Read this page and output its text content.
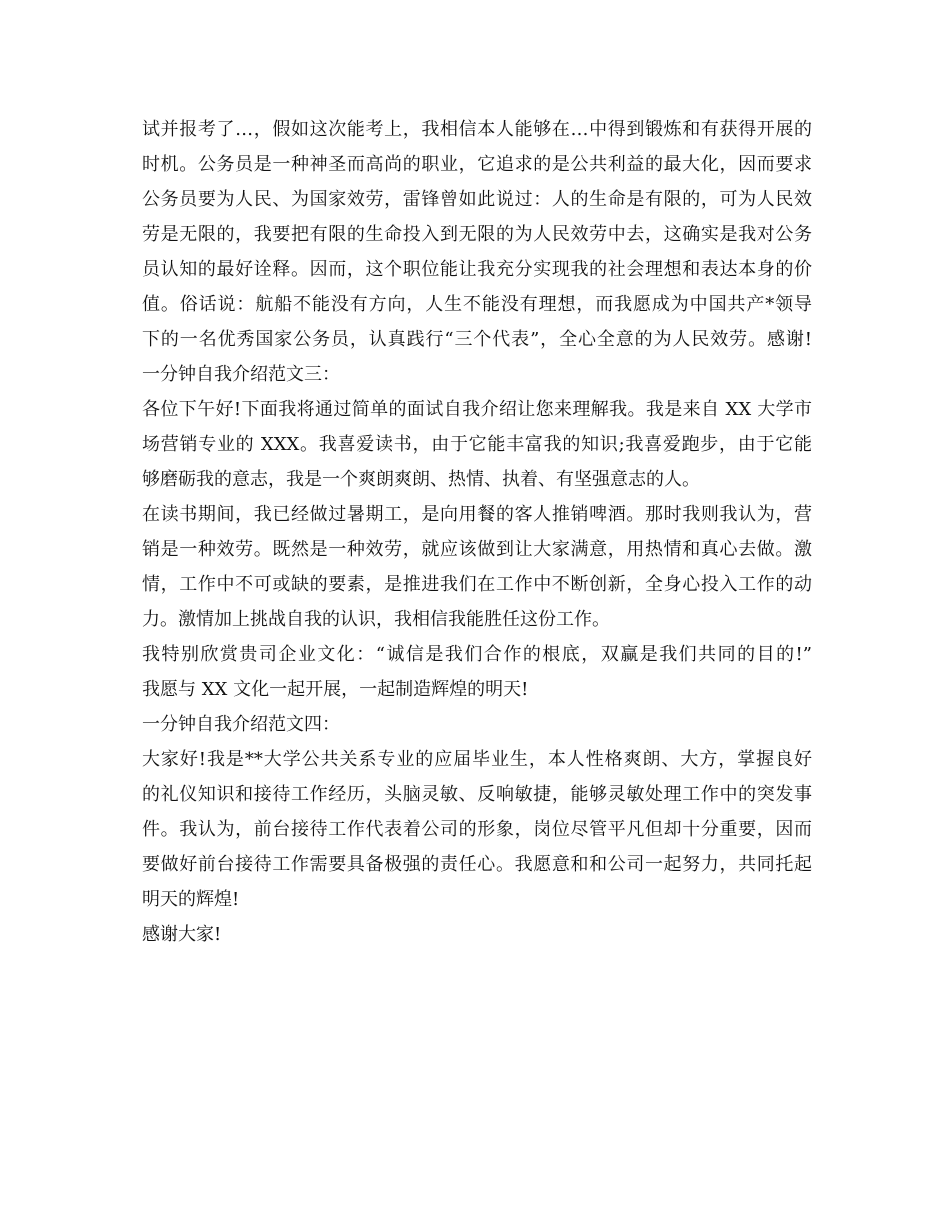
试并报考了…，假如这次能考上，我相信本人能够在…中得到锻炼和有获得开展的
时机。公务员是一种神圣而高尚的职业，它追求的是公共利益的最大化，因而要求
公务员要为人民、为国家效劳，雷锋曾如此说过：人的生命是有限的，可为人民效
劳是无限的，我要把有限的生命投入到无限的为人民效劳中去，这确实是我对公务
员认知的最好诠释。因而，这个职位能让我充分实现我的社会理想和表达本身的价
值。俗话说：航船不能没有方向，人生不能没有理想，而我愿成为中国共产*领导
下的一名优秀国家公务员，认真践行“三个代表”，全心全意的为人民效劳。感谢!
一分钟自我介绍范文三：
各位下午好!下面我将通过简单的面试自我介绍让您来理解我。我是来自 XX 大学市
场营销专业的 XXX。我喜爱读书，由于它能丰富我的知识;我喜爱跑步，由于它能
够磨砺我的意志，我是一个爽朗爽朗、热情、执着、有坚强意志的人。
在读书期间，我已经做过暑期工，是向用餐的客人推销啤酒。那时我则我认为，营
销是一种效劳。既然是一种效劳，就应该做到让大家满意，用热情和真心去做。激
情，工作中不可或缺的要素，是推进我们在工作中不断创新，全身心投入工作的动
力。激情加上挑战自我的认识，我相信我能胜任这份工作。
我特别欣赏贵司企业文化：“诚信是我们合作的根底，双赢是我们共同的目的!”
我愿与 XX 文化一起开展，一起制造辉煌的明天!
一分钟自我介绍范文四：
大家好!我是**大学公共关系专业的应届毕业生，本人性格爽朗、大方，掌握良好
的礼仪知识和接待工作经历，头脑灵敏、反响敏捷，能够灵敏处理工作中的突发事
件。我认为，前台接待工作代表着公司的形象，岗位尽管平凡但却十分重要，因而
要做好前台接待工作需要具备极强的责任心。我愿意和和公司一起努力，共同托起
明天的辉煌!
感谢大家!
